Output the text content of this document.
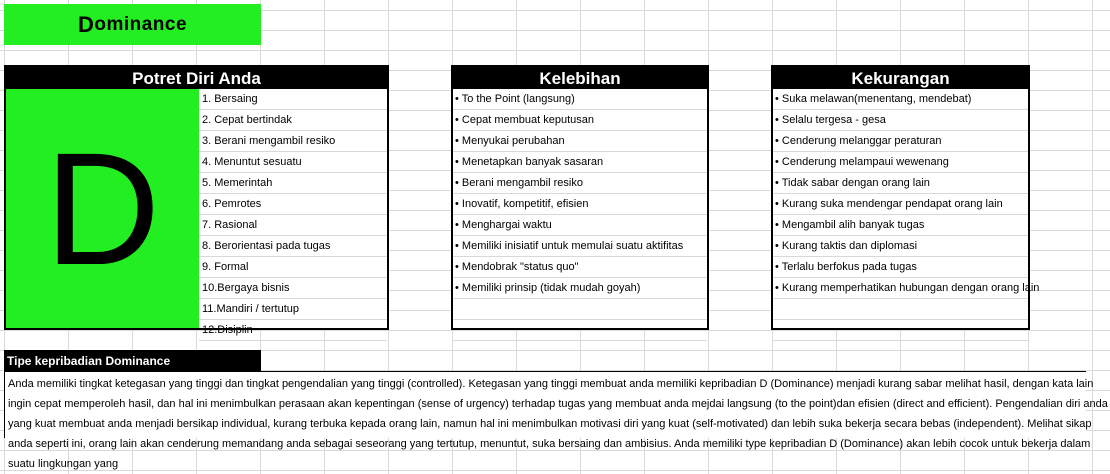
D ominance
Potret Diri Anda
D
1. Bersaing
2. Cepat bertindak
3. Berani mengambil resiko
4. Menuntut sesuatu
5. Memerintah
6. Pemrotes
7. Rasional
8. Berorientasi pada tugas
9. Formal
10.Bergaya bisnis
11.Mandiri / tertutup
12.Disiplin
Kelebihan
• To the Point (langsung)
• Cepat membuat keputusan
• Menyukai perubahan
• Menetapkan banyak sasaran
• Berani mengambil resiko
• Inovatif, kompetitif, efisien
• Menghargai waktu
• Memiliki inisiatif untuk memulai suatu aktifitas
• Mendobrak "status quo"
• Memiliki prinsip (tidak mudah goyah)
Kekurangan
• Suka melawan(menentang, mendebat)
• Selalu tergesa - gesa
• Cenderung melanggar peraturan
• Cenderung melampaui wewenang
• Tidak sabar dengan orang lain
• Kurang suka mendengar pendapat orang lain
• Mengambil alih banyak tugas
• Kurang taktis dan diplomasi
• Terlalu berfokus pada tugas
• Kurang memperhatikan hubungan dengan orang lain
Tipe kepribadian Dominance

Anda memiliki tingkat ketegasan yang tinggi dan tingkat pengendalian yang tinggi (controlled). Ketegasan yang tinggi membuat anda memiliki kepribadian D (Dominance) menjadi kurang sabar melihat hasil, dengan kata lain ingin cepat memperoleh hasil, dan hal ini menimbulkan perasaan akan kepentingan (sense of urgency) terhadap tugas yang membuat anda mejdai langsung (to the point)dan efisien (direct and efficient). Pengendalian diri anda yang kuat membuat anda menjadi bersikap individual, kurang terbuka kepada orang lain, namun hal ini menimbulkan motivasi diri yang kuat (self-motivated) dan lebih suka bekerja secara bebas (independent). Melihat sikap anda seperti ini, orang lain akan cenderung memandang anda sebagai seseorang yang tertutup, menuntut, suka bersaing dan ambisius. Anda memiliki type kepribadian D (Dominance) akan lebih cocok untuk bekerja dalam suatu lingkungan yang
